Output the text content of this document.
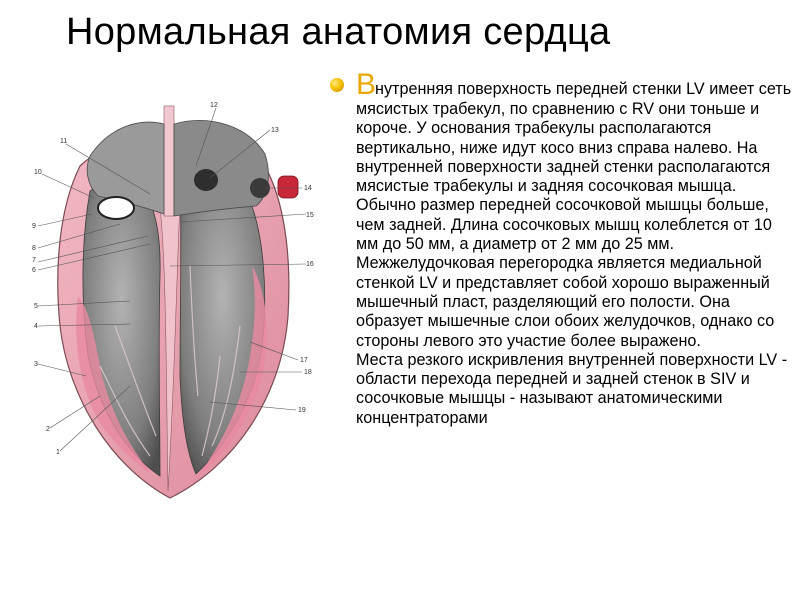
Нормальная анатомия сердца
1
2
3
4
5
6
7
8
9
10
11
12
13
14
15
16
17
18
19
Внутренняя поверхность передней стенки LV имеет сеть мясистых трабекул, по сравнению с RV они тоньше и короче. У основания трабекулы располагаются вертикально, ниже идут косо вниз справа налево. На внутренней поверхности задней стенки располагаются мясистые трабекулы и задняя сосочковая мышца. Обычно размер передней сосочковой мышцы больше, чем задней. Длина сосочковых мышц колеблется от 10 мм до 50 мм, а диаметр от 2 мм до 25 мм. Межжелудочковая перегородка является медиальной стенкой LV и представляет собой хорошо выраженный мышечный пласт, разделяющий его полости. Она образует мышечные слои обоих желудочков, однако со стороны левого это участие более выражено.
Места резкого искривления внутренней поверхности LV - области перехода передней и задней стенок в SIV и сосочковые мышцы - называют анатомическими концентраторами
